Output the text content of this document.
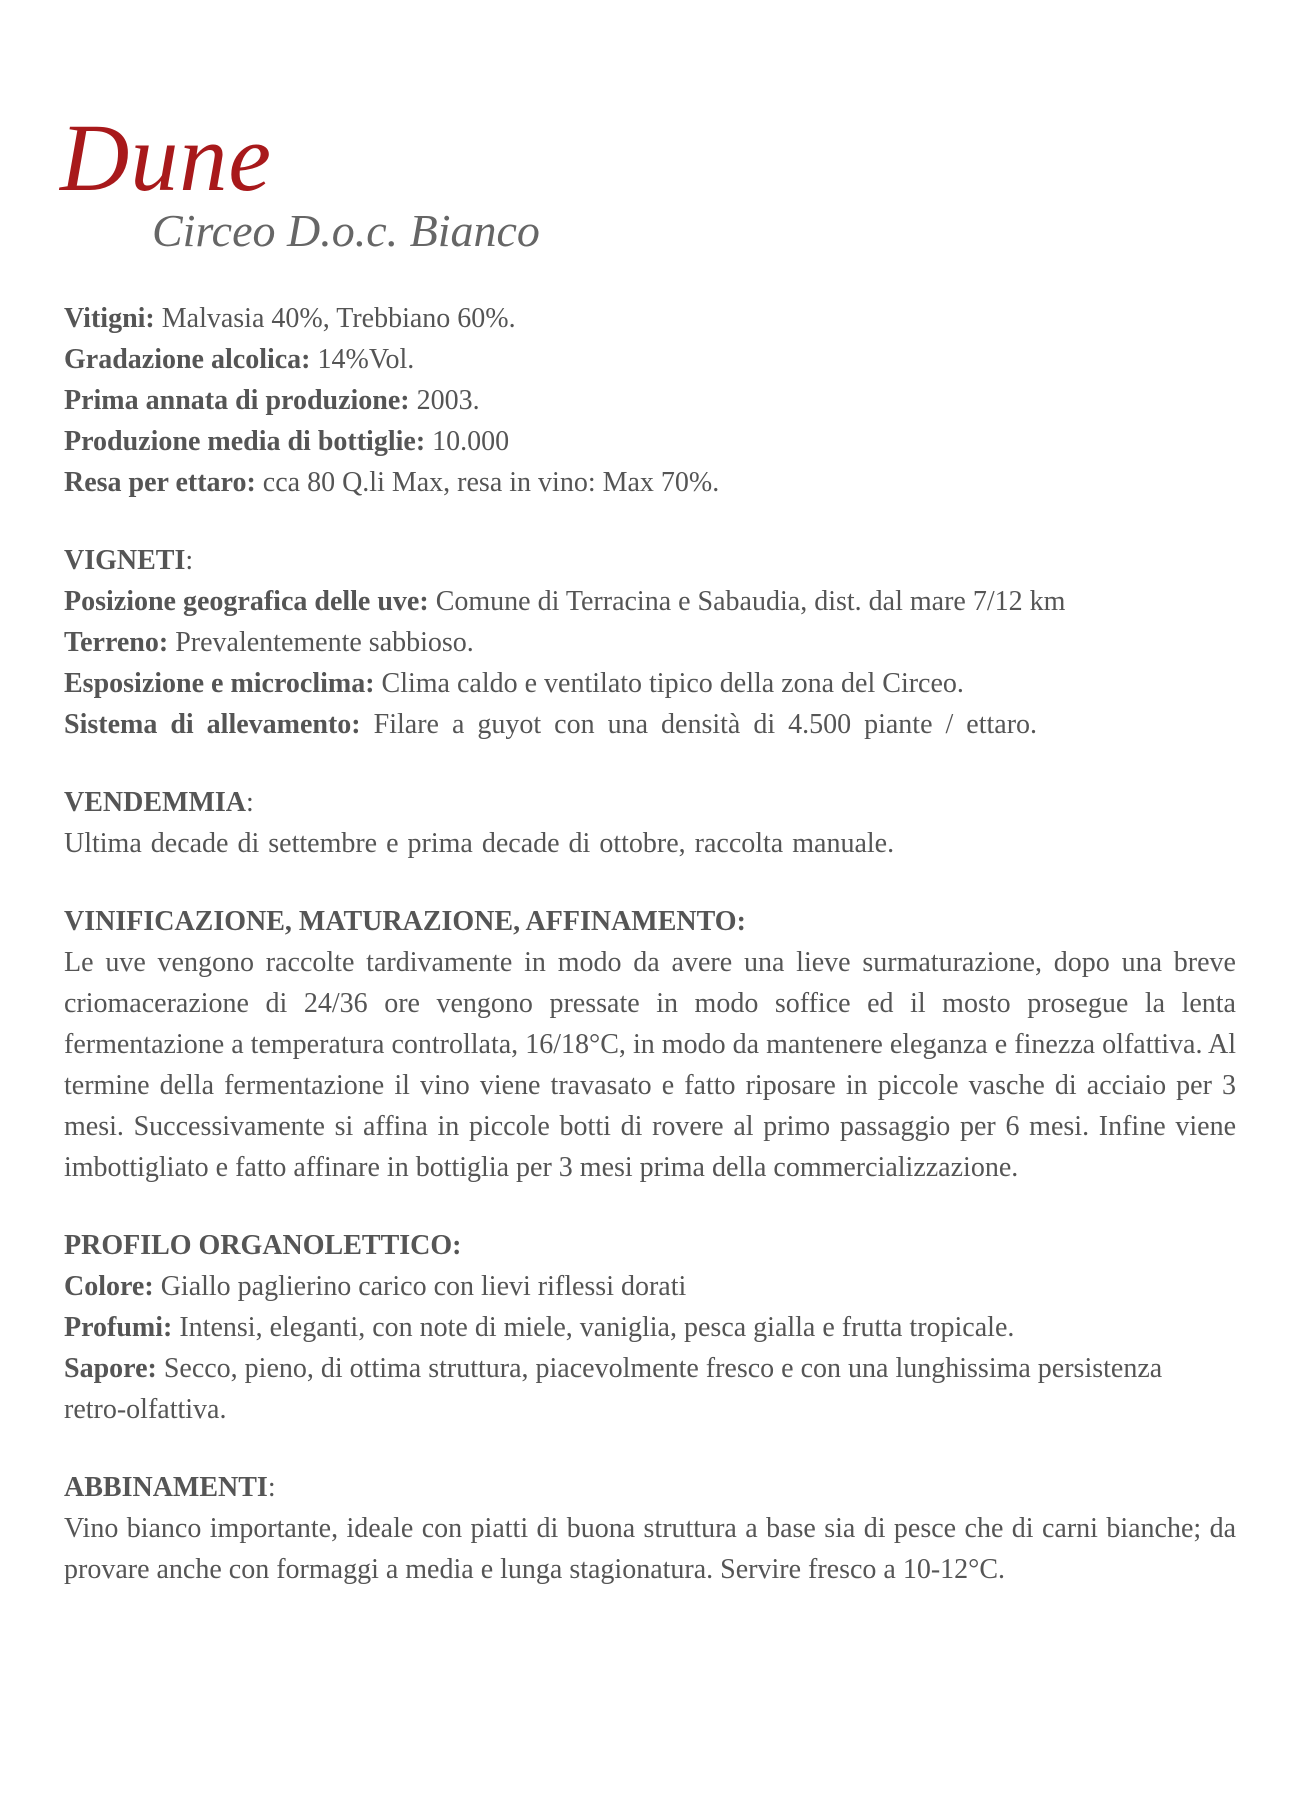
Dune
Circeo D.o.c. Bianco
Vitigni: Malvasia 40%, Trebbiano 60%.
Gradazione alcolica: 14%Vol.
Prima annata di produzione: 2003.
Produzione media di bottiglie: 10.000
Resa per ettaro: cca 80 Q.li Max, resa in vino: Max 70%.
VIGNETI:
Posizione geografica delle uve: Comune di Terracina e Sabaudia, dist. dal mare 7/12 km
Terreno: Prevalentemente sabbioso.
Esposizione e microclima: Clima caldo e ventilato tipico della zona del Circeo.
Sistema di allevamento: Filare a guyot con una densità di 4.500 piante / ettaro.
VENDEMMIA:
Ultima decade di settembre e prima decade di ottobre, raccolta manuale.
VINIFICAZIONE, MATURAZIONE, AFFINAMENTO:
Le uve vengono raccolte tardivamente in modo da avere una lieve surmaturazione, dopo una breve criomacerazione di 24/36 ore vengono pressate in modo soffice ed il mosto prosegue la lenta fermentazione a temperatura controllata, 16/18°C, in modo da mantenere eleganza e finezza olfattiva. Al termine della fermentazione il vino viene travasato e fatto riposare in piccole vasche di acciaio per 3 mesi. Successivamente si affina in piccole botti di rovere al primo passaggio per 6 mesi. Infine viene imbottigliato e fatto affinare in bottiglia per 3 mesi prima della commercializzazione.
PROFILO ORGANOLETTICO:
Colore: Giallo paglierino carico con lievi riflessi dorati
Profumi: Intensi, eleganti, con note di miele, vaniglia, pesca gialla e frutta tropicale.
Sapore: Secco, pieno, di ottima struttura, piacevolmente fresco e con una lunghissima persistenza retro-olfattiva.
ABBINAMENTI:
Vino bianco importante, ideale con piatti di buona struttura a base sia di pesce che di carni bianche; da provare anche con formaggi a media e lunga stagionatura. Servire fresco a 10-12°C.
